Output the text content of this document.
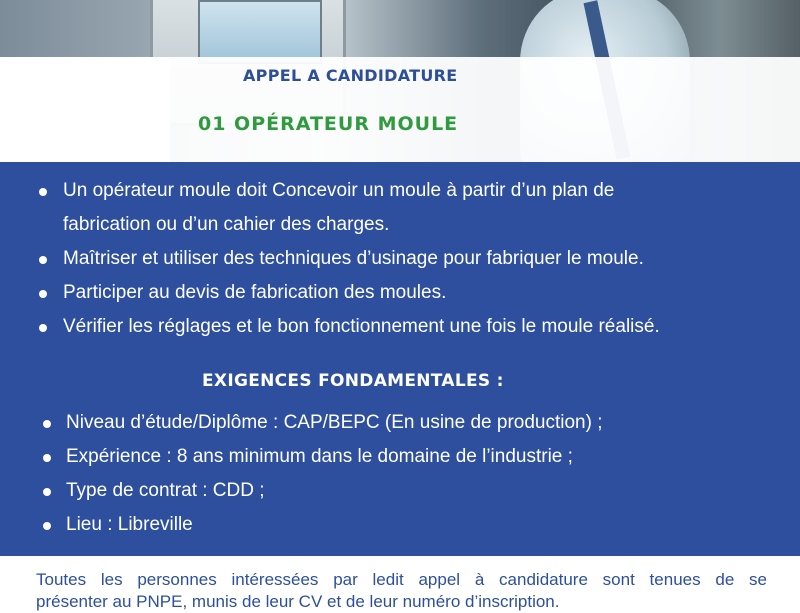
APPEL A CANDIDATURE
01 OPÉRATEUR MOULE
Un opérateur moule doit Concevoir un moule à partir d’un plan de
fabrication ou d’un cahier des charges.
Maîtriser et utiliser des techniques d’usinage pour fabriquer le moule.
Participer au devis de fabrication des moules.
Vérifier les réglages et le bon fonctionnement une fois le moule réalisé.
EXIGENCES FONDAMENTALES :
Niveau d’étude/Diplôme : CAP/BEPC (En usine de production) ;
Expérience : 8 ans minimum dans le domaine de l’industrie ;
Type de contrat : CDD ;
Lieu : Libreville
Toutes les personnes intéressées par ledit appel à candidature sont tenues de se
présenter au PNPE, munis de leur CV et de leur numéro d’inscription.
